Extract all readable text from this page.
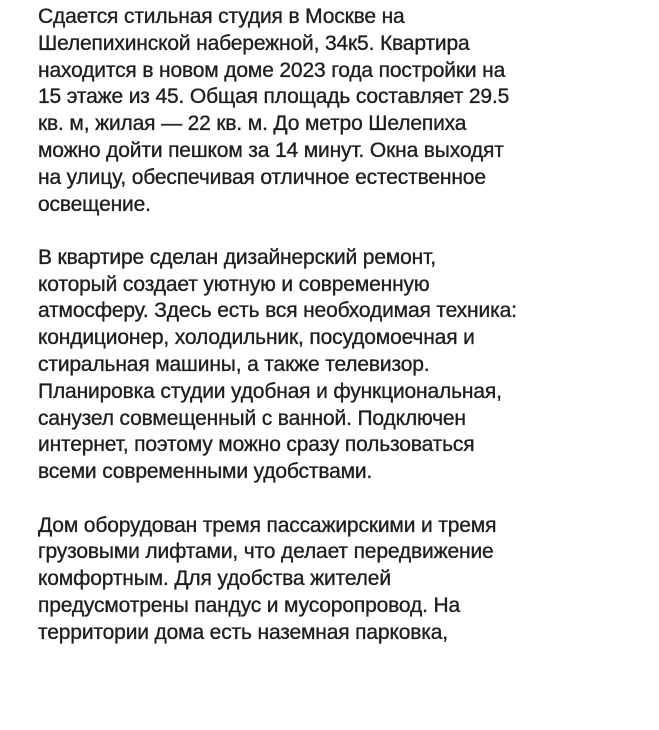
Сдается стильная студия в Москве на
Шелепихинской набережной, 34к5. Квартира
находится в новом доме 2023 года постройки на
15 этаже из 45. Общая площадь составляет 29.5
кв. м, жилая — 22 кв. м. До метро Шелепиха
можно дойти пешком за 14 минут. Окна выходят
на улицу, обеспечивая отличное естественное
освещение.

В квартире сделан дизайнерский ремонт,
который создает уютную и современную
атмосферу. Здесь есть вся необходимая техника:
кондиционер, холодильник, посудомоечная и
стиральная машины, а также телевизор.
Планировка студии удобная и функциональная,
санузел совмещенный с ванной. Подключен
интернет, поэтому можно сразу пользоваться
всеми современными удобствами.

Дом оборудован тремя пассажирскими и тремя
грузовыми лифтами, что делает передвижение
комфортным. Для удобства жителей
предусмотрены пандус и мусоропровод. На
территории дома есть наземная парковка,
